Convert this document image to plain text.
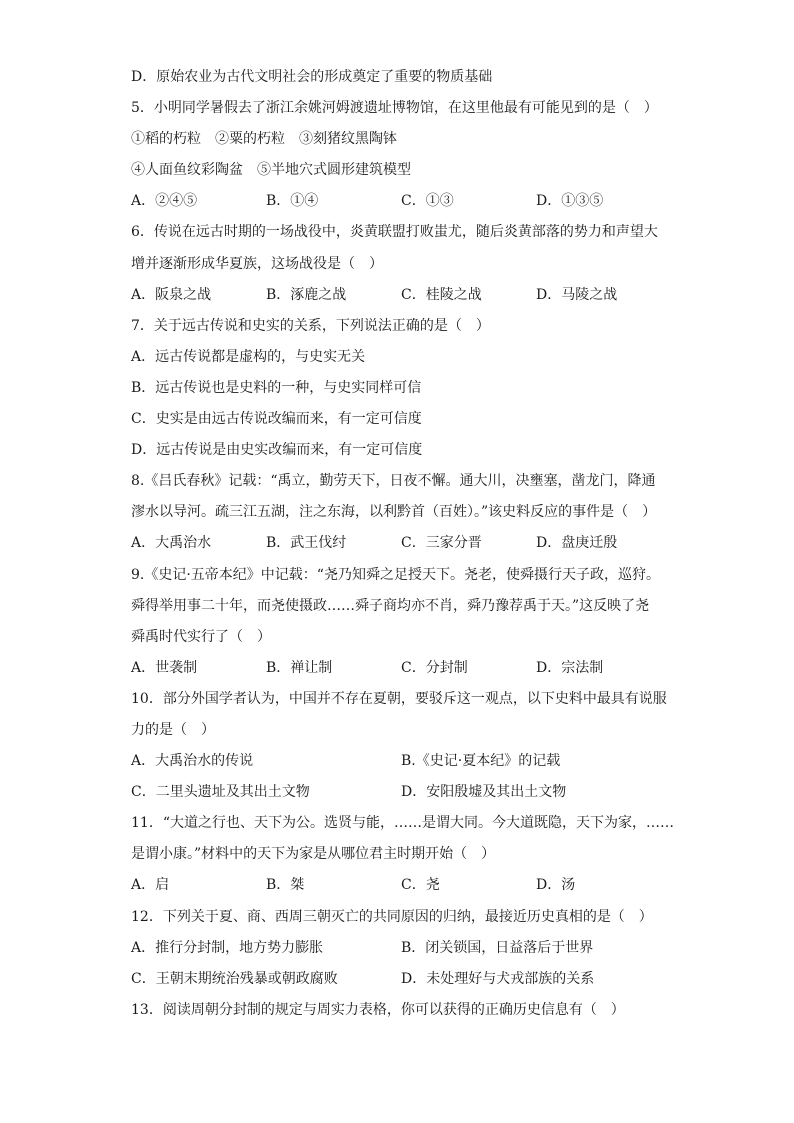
D．原始农业为古代文明社会的形成奠定了重要的物质基础
5．小明同学暑假去了浙江余姚河姆渡遗址博物馆，在这里他最有可能见到的是（　）
①稻的朽粒　②粟的朽粒　③刻猪纹黑陶钵
④人面鱼纹彩陶盆　⑤半地穴式圆形建筑模型
A．②④⑤	B．①④	C．①③	D．①③⑤
6．传说在远古时期的一场战役中，炎黄联盟打败蚩尤，随后炎黄部落的势力和声望大
增并逐渐形成华夏族，这场战役是（　）
A．阪泉之战	B．涿鹿之战	C．桂陵之战	D．马陵之战
7．关于远古传说和史实的关系，下列说法正确的是（　）
A．远古传说都是虚构的，与史实无关
B．远古传说也是史料的一种，与史实同样可信
C．史实是由远古传说改编而来，有一定可信度
D．远古传说是由史实改编而来，有一定可信度
8.《吕氏春秋》记载：“禹立，勤劳天下，日夜不懈。通大川，决壅塞，凿龙门，降通
漻水以导河。疏三江五湖，注之东海，以利黔首（百姓）。”该史料反应的事件是（　）
A．大禹治水	B．武王伐纣	C．三家分晋	D．盘庚迁殷
9.《史记·五帝本纪》中记载：“尧乃知舜之足授天下。尧老，使舜摄行天子政，巡狩。
舜得举用事二十年，而尧使摄政……舜子商均亦不肖，舜乃豫荐禹于天。”这反映了尧
舜禹时代实行了（　）
A．世袭制	B．禅让制	C．分封制	D．宗法制
10．部分外国学者认为，中国并不存在夏朝，要驳斥这一观点，以下史料中最具有说服
力的是（　）
A．大禹治水的传说	B.《史记·夏本纪》的记载
C．二里头遗址及其出土文物	D．安阳殷墟及其出土文物
11．“大道之行也、天下为公。选贤与能，……是谓大同。今大道既隐，天下为家，……
是谓小康。”材料中的天下为家是从哪位君主时期开始（　）
A．启	B．桀	C．尧	D．汤
12．下列关于夏、商、西周三朝灭亡的共同原因的归纳，最接近历史真相的是（　）
A．推行分封制，地方势力膨胀	B．闭关锁国，日益落后于世界
C．王朝末期统治残暴或朝政腐败	D．未处理好与犬戎部族的关系
13．阅读周朝分封制的规定与周实力表格，你可以获得的正确历史信息有（　）
